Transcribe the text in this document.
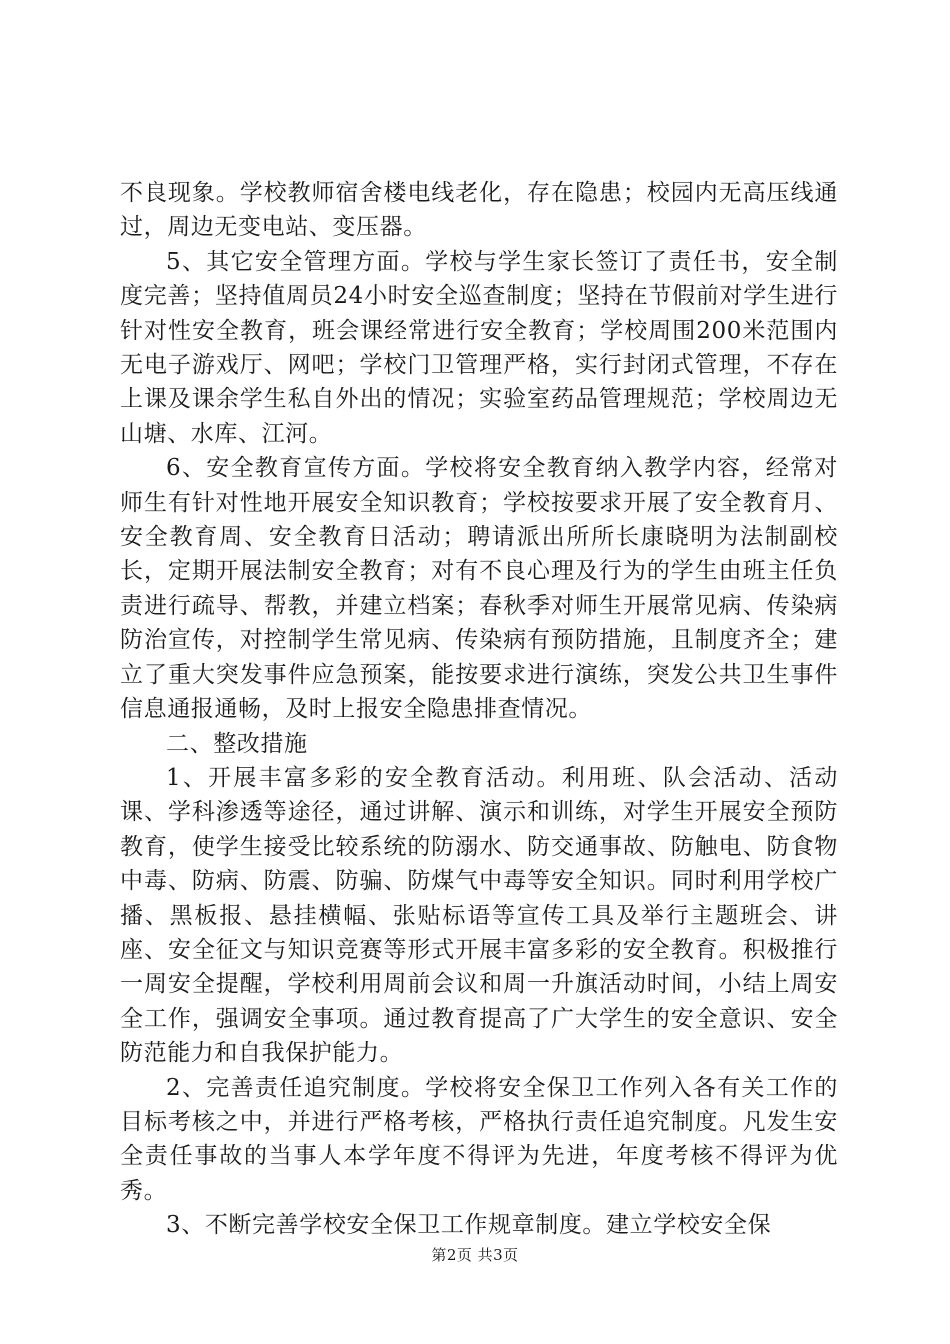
不良现象。学校教师宿舍楼电线老化，存在隐患；校园内无高压线通过，周边无变电站、变压器。

5、其它安全管理方面。学校与学生家长签订了责任书，安全制度完善；坚持值周员24小时安全巡查制度；坚持在节假前对学生进行针对性安全教育，班会课经常进行安全教育；学校周围200米范围内无电子游戏厅、网吧；学校门卫管理严格，实行封闭式管理，不存在上课及课余学生私自外出的情况；实验室药品管理规范；学校周边无山塘、水库、江河。

6、安全教育宣传方面。学校将安全教育纳入教学内容，经常对师生有针对性地开展安全知识教育；学校按要求开展了安全教育月、安全教育周、安全教育日活动；聘请派出所所长康晓明为法制副校长，定期开展法制安全教育；对有不良心理及行为的学生由班主任负责进行疏导、帮教，并建立档案；春秋季对师生开展常见病、传染病防治宣传，对控制学生常见病、传染病有预防措施，且制度齐全；建立了重大突发事件应急预案，能按要求进行演练，突发公共卫生事件信息通报通畅，及时上报安全隐患排查情况。

二、整改措施

1、开展丰富多彩的安全教育活动。利用班、队会活动、活动课、学科渗透等途径，通过讲解、演示和训练，对学生开展安全预防教育，使学生接受比较系统的防溺水、防交通事故、防触电、防食物中毒、防病、防震、防骗、防煤气中毒等安全知识。同时利用学校广播、黑板报、悬挂横幅、张贴标语等宣传工具及举行主题班会、讲座、安全征文与知识竞赛等形式开展丰富多彩的安全教育。积极推行一周安全提醒，学校利用周前会议和周一升旗活动时间，小结上周安全工作，强调安全事项。通过教育提高了广大学生的安全意识、安全防范能力和自我保护能力。

2、完善责任追究制度。学校将安全保卫工作列入各有关工作的目标考核之中，并进行严格考核，严格执行责任追究制度。凡发生安全责任事故的当事人本学年度不得评为先进，年度考核不得评为优秀。

3、不断完善学校安全保卫工作规章制度。建立学校安全保

第2页 共3页
